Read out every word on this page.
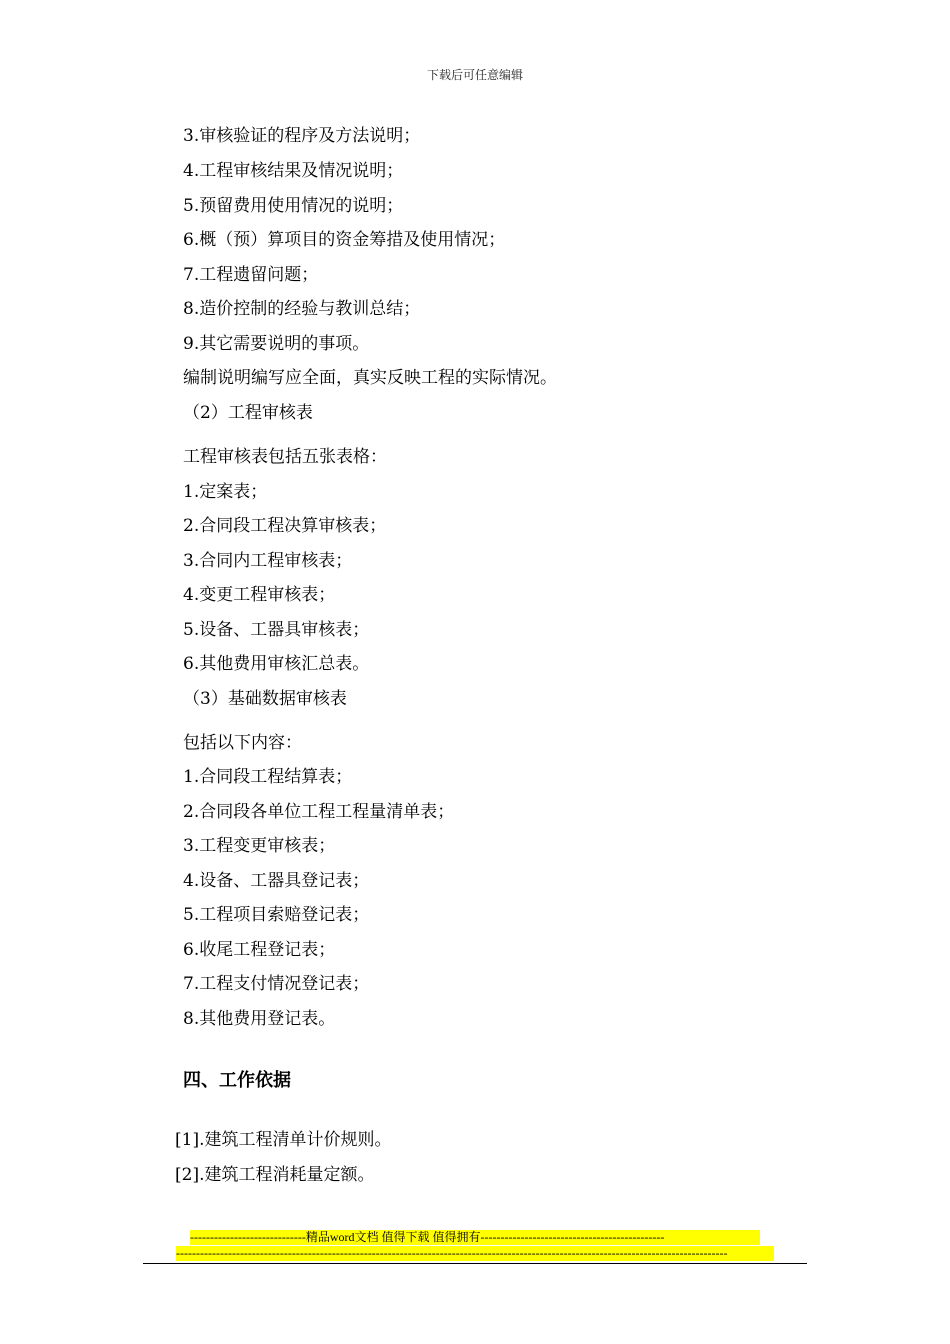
下载后可任意编辑
3.审核验证的程序及方法说明；
4.工程审核结果及情况说明；
5.预留费用使用情况的说明；
6.概（预）算项目的资金筹措及使用情况；
7.工程遗留问题；
8.造价控制的经验与教训总结；
9.其它需要说明的事项。
编制说明编写应全面，真实反映工程的实际情况。
（2）工程审核表
工程审核表包括五张表格：
1.定案表；
2.合同段工程决算审核表；
3.合同内工程审核表；
4.变更工程审核表；
5.设备、工器具审核表；
6.其他费用审核汇总表。
（3）基础数据审核表
包括以下内容：
1.合同段工程结算表；
2.合同段各单位工程工程量清单表；
3.工程变更审核表；
4.设备、工器具登记表；
5.工程项目索赔登记表；
6.收尾工程登记表；
7.工程支付情况登记表；
8.其他费用登记表。
四、工作依据
[1].建筑工程清单计价规则。
[2].建筑工程消耗量定额。
-----------------------------精品word文档 值得下载 值得拥有----------------------------------------------
------------------------------------------------------------------------------------------------------------------------------------------
